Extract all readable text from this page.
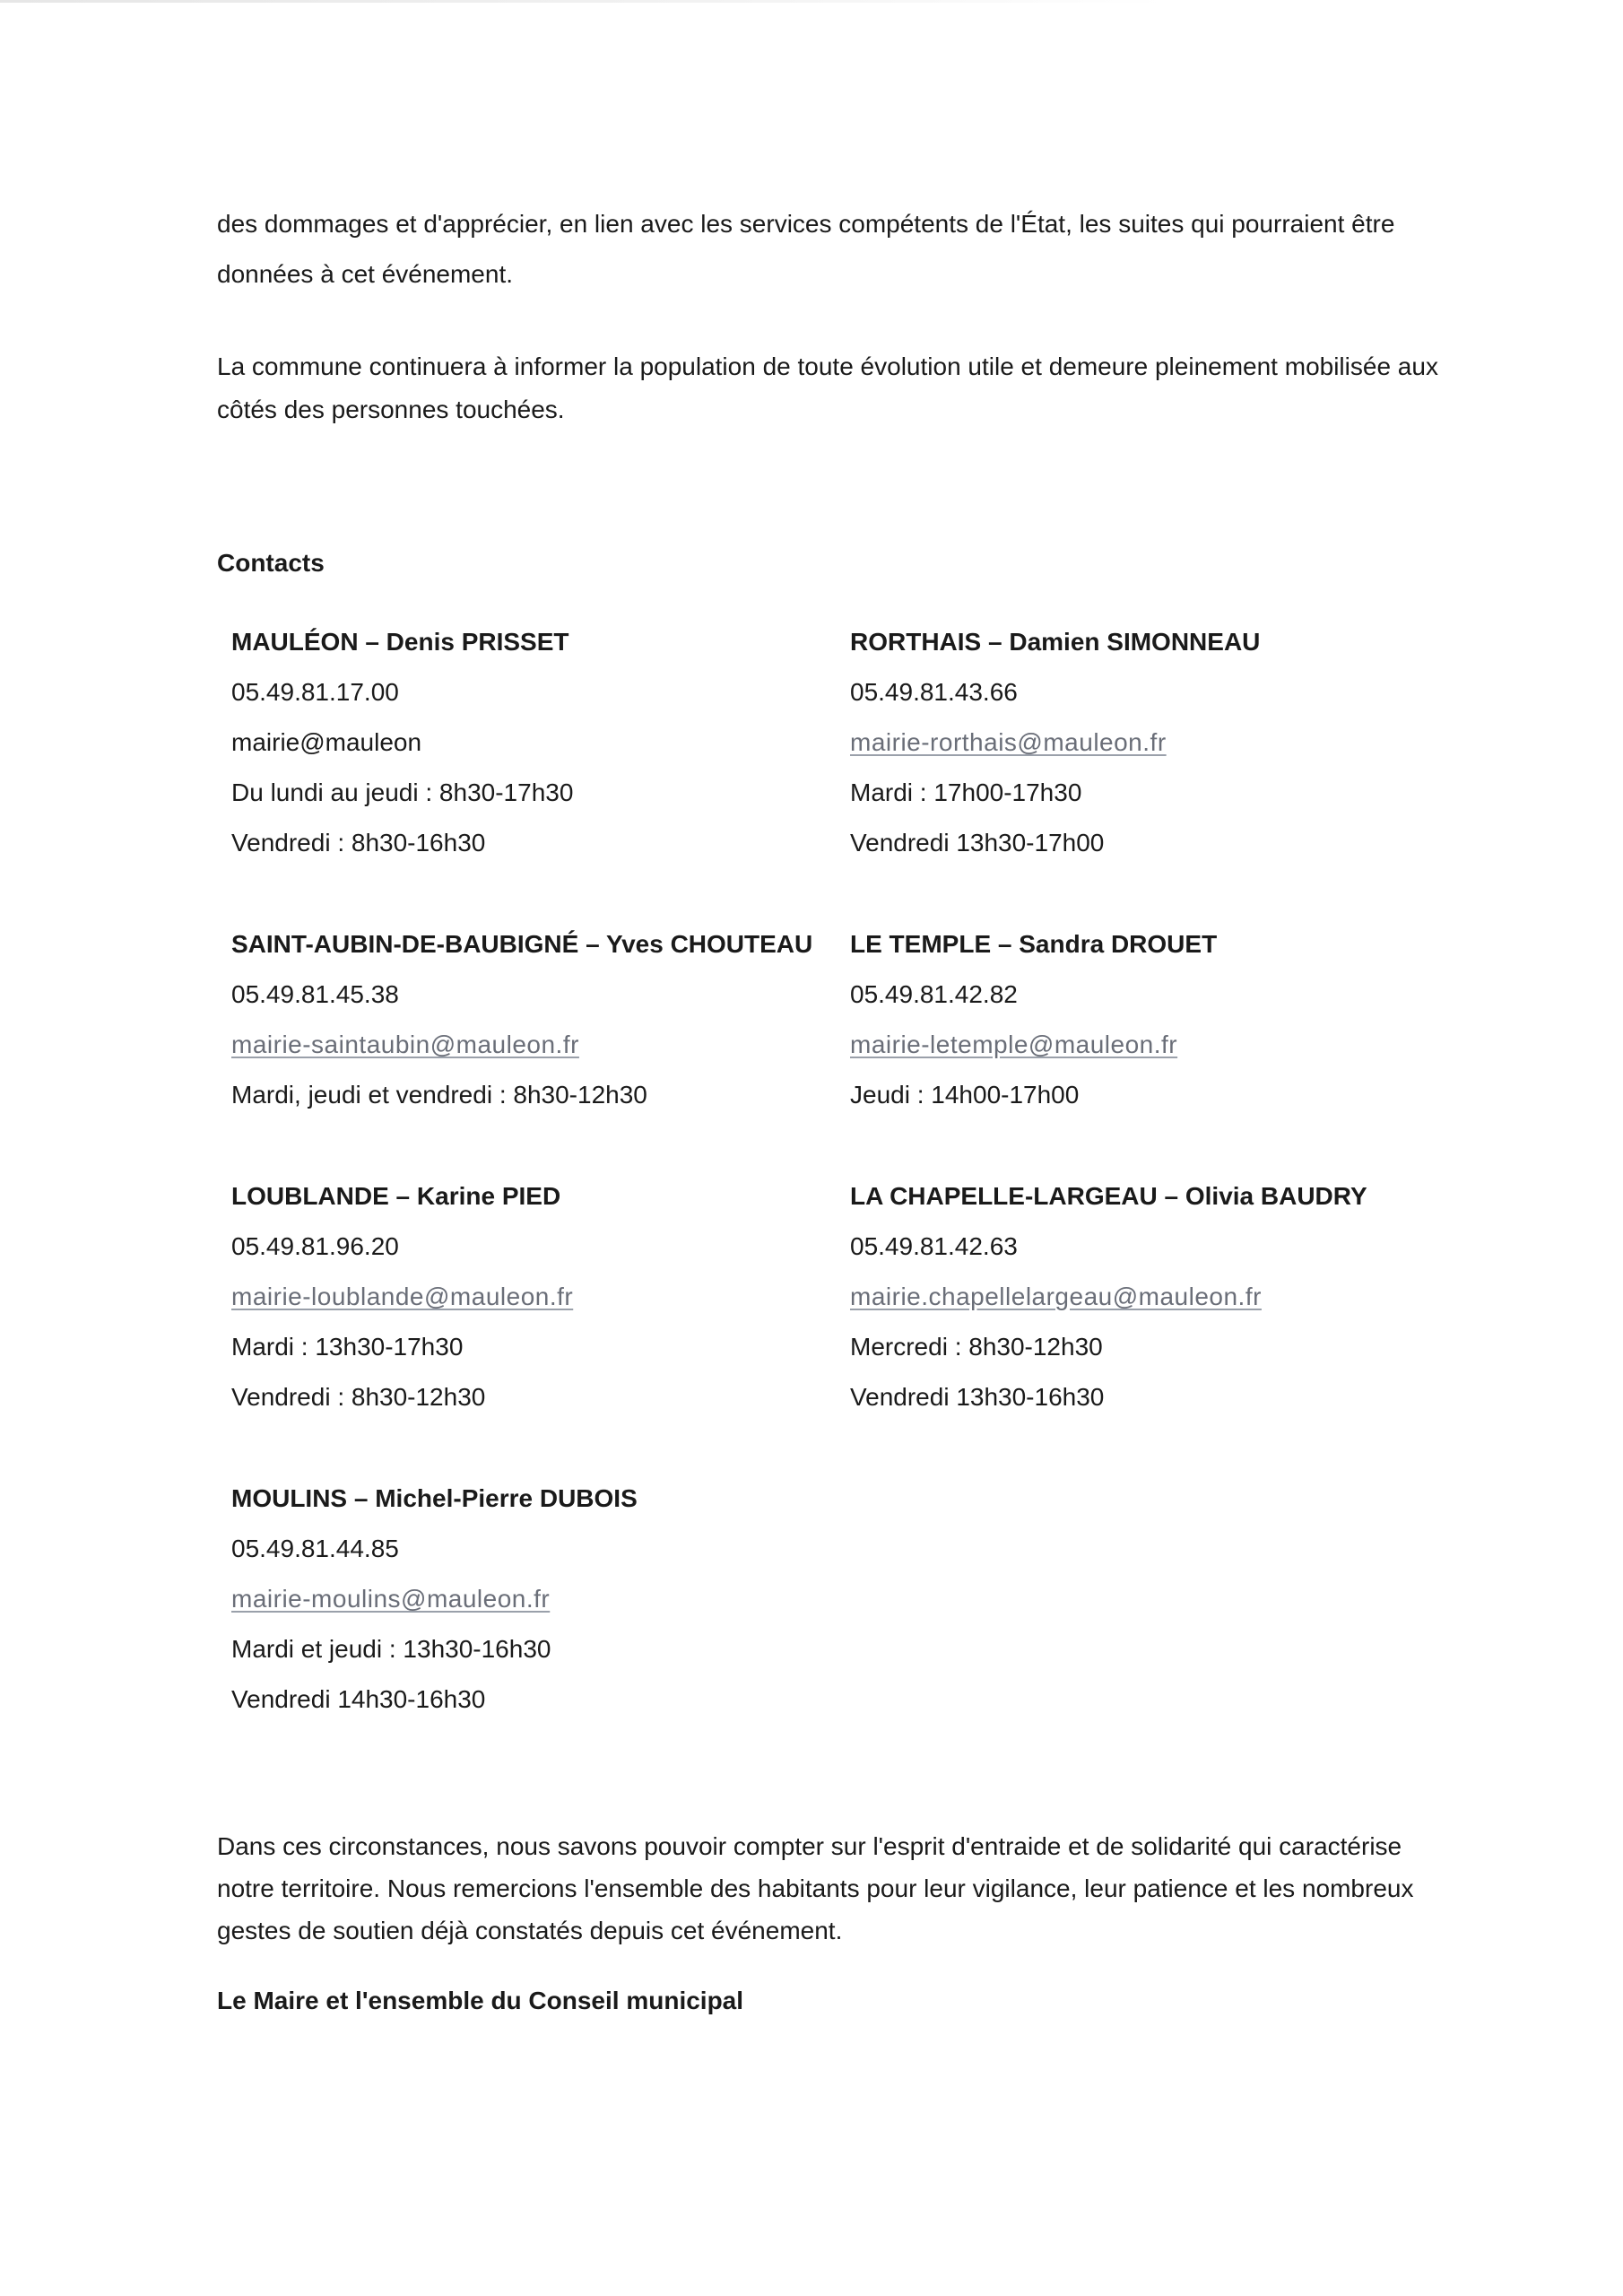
des dommages et d'apprécier, en lien avec les services compétents de l'État, les suites qui pourraient être données à cet événement.

La commune continuera à informer la population de toute évolution utile et demeure pleinement mobilisée aux côtés des personnes touchées.

Contacts
MAULÉON – Denis PRISSET
05.49.81.17.00
mairie@mauleon
Du lundi au jeudi : 8h30-17h30
Vendredi : 8h30-16h30
RORTHAIS – Damien SIMONNEAU
05.49.81.43.66
mairie-rorthais@mauleon.fr
Mardi : 17h00-17h30
Vendredi 13h30-17h00
SAINT-AUBIN-DE-BAUBIGNÉ – Yves CHOUTEAU
05.49.81.45.38
mairie-saintaubin@mauleon.fr
Mardi, jeudi et vendredi : 8h30-12h30
LE TEMPLE – Sandra DROUET
05.49.81.42.82
mairie-letemple@mauleon.fr
Jeudi : 14h00-17h00
LOUBLANDE – Karine PIED
05.49.81.96.20
mairie-loublande@mauleon.fr
Mardi : 13h30-17h30
Vendredi : 8h30-12h30
LA CHAPELLE-LARGEAU – Olivia BAUDRY
05.49.81.42.63
mairie.chapellelargeau@mauleon.fr
Mercredi : 8h30-12h30
Vendredi 13h30-16h30
MOULINS – Michel-Pierre DUBOIS
05.49.81.44.85
mairie-moulins@mauleon.fr
Mardi et jeudi : 13h30-16h30
Vendredi 14h30-16h30

Dans ces circonstances, nous savons pouvoir compter sur l'esprit d'entraide et de solidarité qui caractérise notre territoire. Nous remercions l'ensemble des habitants pour leur vigilance, leur patience et les nombreux gestes de soutien déjà constatés depuis cet événement.

Le Maire et l'ensemble du Conseil municipal
